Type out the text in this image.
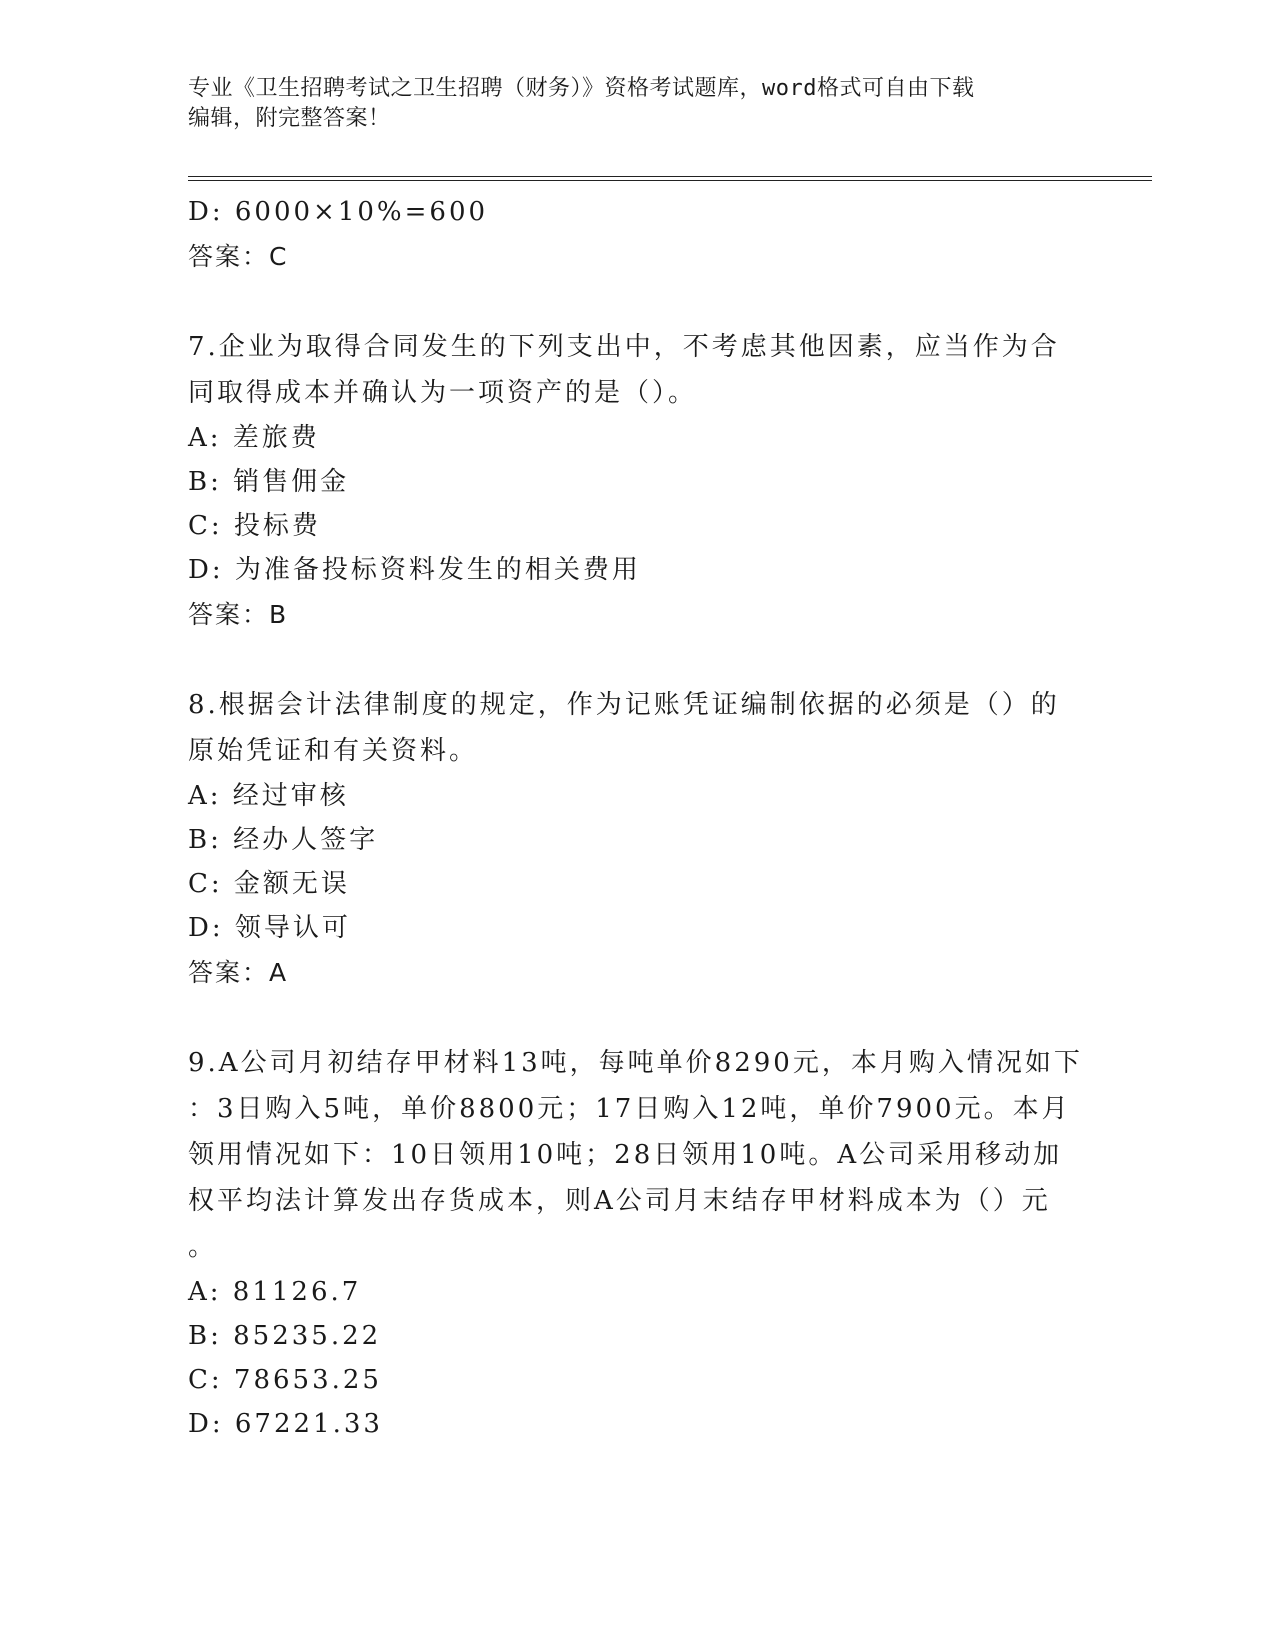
专业《卫生招聘考试之卫生招聘（财务）》资格考试题库，word格式可自由下载
编辑，附完整答案！
D: 6000×10%=600
答案：C
7.企业为取得合同发生的下列支出中，不考虑其他因素，应当作为合
同取得成本并确认为一项资产的是（）。
A: 差旅费
B: 销售佣金
C: 投标费
D: 为准备投标资料发生的相关费用
答案：B
8.根据会计法律制度的规定，作为记账凭证编制依据的必须是（）的
原始凭证和有关资料。
A: 经过审核
B: 经办人签字
C: 金额无误
D: 领导认可
答案：A
9.A公司月初结存甲材料13吨，每吨单价8290元，本月购入情况如下
：3日购入5吨，单价8800元；17日购入12吨，单价7900元。本月
领用情况如下：10日领用10吨；28日领用10吨。A公司采用移动加
权平均法计算发出存货成本，则A公司月末结存甲材料成本为（）元
。
A: 81126.7
B: 85235.22
C: 78653.25
D: 67221.33
